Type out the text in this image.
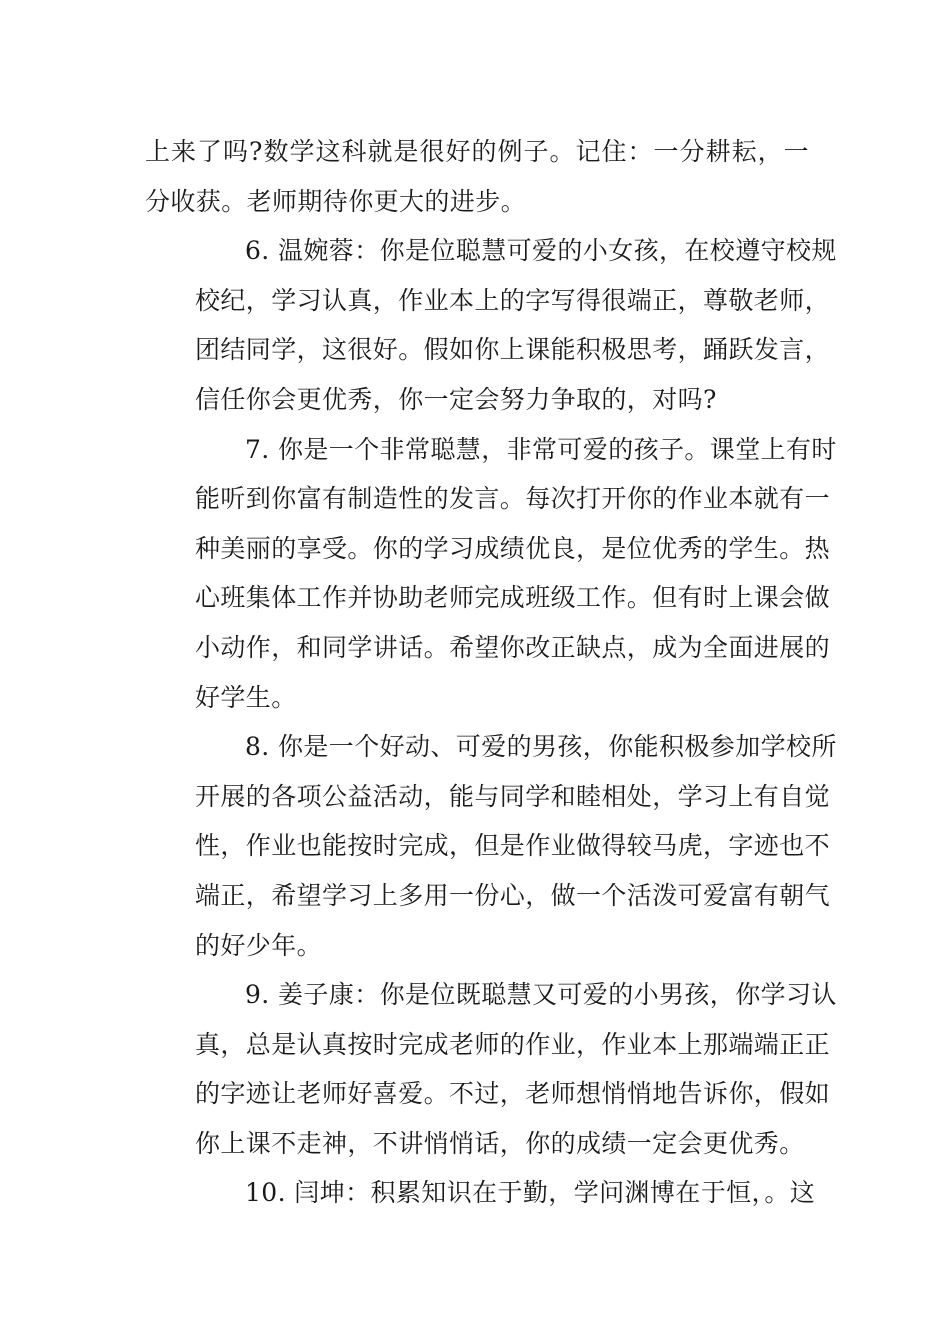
上来了吗?数学这科就是很好的例子。记住：一分耕耘，一
分收获。老师期待你更大的进步。
6. 温婉蓉：你是位聪慧可爱的小女孩，在校遵守校规
校纪，学习认真，作业本上的字写得很端正，尊敬老师，
团结同学，这很好。假如你上课能积极思考，踊跃发言，
信任你会更优秀，你一定会努力争取的，对吗?
7. 你是一个非常聪慧，非常可爱的孩子。课堂上有时
能听到你富有制造性的发言。每次打开你的作业本就有一
种美丽的享受。你的学习成绩优良，是位优秀的学生。热
心班集体工作并协助老师完成班级工作。但有时上课会做
小动作，和同学讲话。希望你改正缺点，成为全面进展的
好学生。
8. 你是一个好动、可爱的男孩，你能积极参加学校所
开展的各项公益活动，能与同学和睦相处，学习上有自觉
性，作业也能按时完成，但是作业做得较马虎，字迹也不
端正，希望学习上多用一份心，做一个活泼可爱富有朝气
的好少年。
9. 姜子康：你是位既聪慧又可爱的小男孩，你学习认
真，总是认真按时完成老师的作业，作业本上那端端正正
的字迹让老师好喜爱。不过，老师想悄悄地告诉你，假如
你上课不走神，不讲悄悄话，你的成绩一定会更优秀。
10. 闫坤：积累知识在于勤，学问渊博在于恒，。这
